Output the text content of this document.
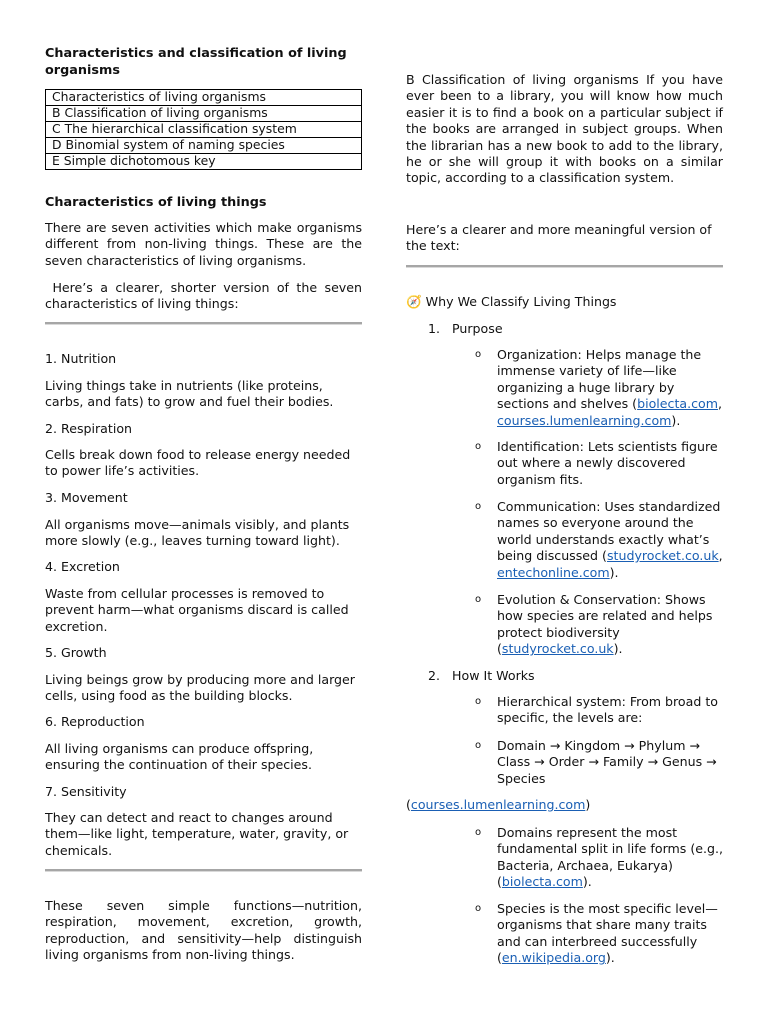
Characteristics and classification of living organisms
Characteristics of living organisms
B Classification of living organisms
C The hierarchical classification system
D Binomial system of naming species
E Simple dichotomous key
Characteristics of living things

There are seven activities which make organisms different from non-living things. These are the seven characteristics of living organisms.

Here’s a clearer, shorter version of the seven characteristics of living things:

1. Nutrition

Living things take in nutrients (like proteins, carbs, and fats) to grow and fuel their bodies.

2. Respiration

Cells break down food to release energy needed to power life’s activities.

3. Movement

All organisms move—animals visibly, and plants more slowly (e.g., leaves turning toward light).

4. Excretion

Waste from cellular processes is removed to prevent harm—what organisms discard is called excretion.

5. Growth

Living beings grow by producing more and larger cells, using food as the building blocks.

6. Reproduction

All living organisms can produce offspring, ensuring the continuation of their species.

7. Sensitivity

They can detect and react to changes around them—like light, temperature, water, gravity, or chemicals.

These seven simple functions—nutrition, respiration, movement, excretion, growth, reproduction, and sensitivity—help distinguish living organisms from non-living things.

B Classification of living organisms If you have ever been to a library, you will know how much easier it is to find a book on a particular subject if the books are arranged in subject groups. When the librarian has a new book to add to the library, he or she will group it with books on a similar topic, according to a classification system.

Here’s a clearer and more meaningful version of the text:

🧭 Why We Classify Living Things
1.   Purpose
o Organization: Helps manage the immense variety of life—like organizing a huge library by sections and shelves (biolecta.com, courses.lumenlearning.com).
o Identification: Lets scientists figure out where a newly discovered organism fits.
o Communication: Uses standardized names so everyone around the world understands exactly what’s being discussed (studyrocket.co.uk, entechonline.com).
o Evolution & Conservation: Shows how species are related and helps protect biodiversity (studyrocket.co.uk).
2.   How It Works
o Hierarchical system: From broad to specific, the levels are:
o Domain → Kingdom → Phylum → Class → Order → Family → Genus → Species
(courses.lumenlearning.com)
o Domains represent the most fundamental split in life forms (e.g., Bacteria, Archaea, Eukarya) (biolecta.com).
o Species is the most specific level—organisms that share many traits and can interbreed successfully (en.wikipedia.org).
